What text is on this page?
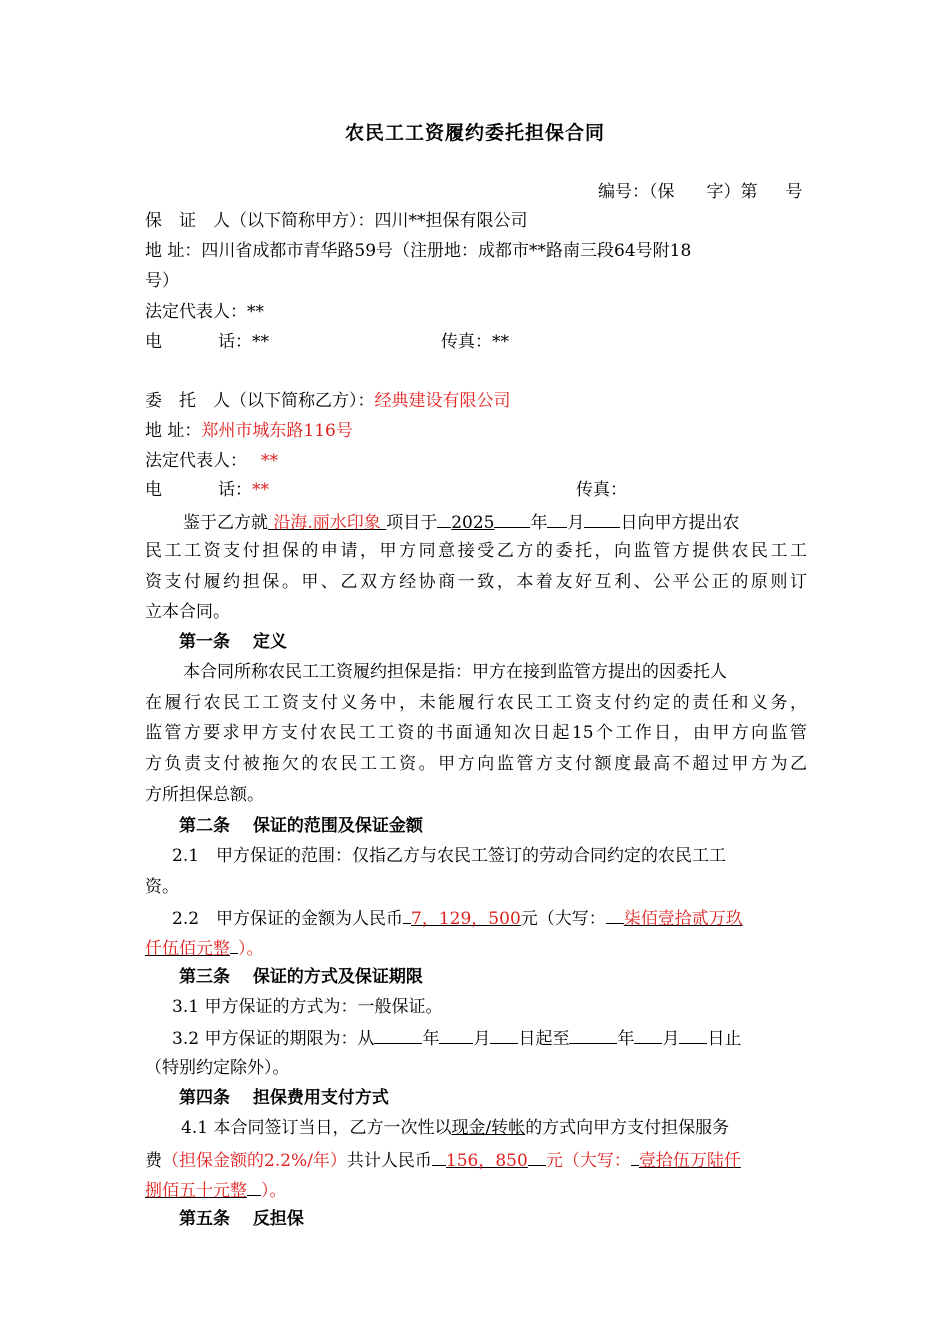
农民工工资履约委托担保合同
编号：（保 字）第 号
保　证　人（以下简称甲方）：四川**担保有限公司
地 址：四川省成都市青华路59号（注册地：成都市**路南三段64号附18
号）
法定代表人：**
电	话：**	传真：**
委　托　人（以下简称乙方）：经典建设有限公司
地 址：郑州市城东路116号
法定代表人： **
电	话：**	传真：
鉴于乙方就 沿海.丽水印象 项目于 2025 年 月 日向甲方提出农
民工工资支付担保的申请，甲方同意接受乙方的委托，向监管方提供农民工工
资支付履约担保。甲、乙双方经协商一致，本着友好互利、公平公正的原则订
立本合同。
第一条　 定义
本合同所称农民工工资履约担保是指：甲方在接到监管方提出的因委托人
在履行农民工工资支付义务中，未能履行农民工工资支付约定的责任和义务，
监管方要求甲方支付农民工工资的书面通知次日起15个工作日，由甲方向监管
方负责支付被拖欠的农民工工资。甲方向监管方支付额度最高不超过甲方为乙
方所担保总额。
第二条　 保证的范围及保证金额
2.1　甲方保证的范围：仅指乙方与农民工签订的劳动合同约定的农民工工
资。
2.2　甲方保证的金额为人民币 7，129，500元（大写： 柒佰壹拾贰万玖
仟伍佰元整 ）。
第三条　 保证的方式及保证期限
3.1 甲方保证的方式为：一般保证。
3.2 甲方保证的期限为：从	年 月 日起至	年 月 日止
（特别约定除外）。
第四条　 担保费用支付方式
4.1 本合同签订当日，乙方一次性以现金/转帐的方式向甲方支付担保服务
费（担保金额的2.2%/年）共计人民币 156，850 元（大写： 壹拾伍万陆仟
捌佰五十元整 ）。
第五条　 反担保
